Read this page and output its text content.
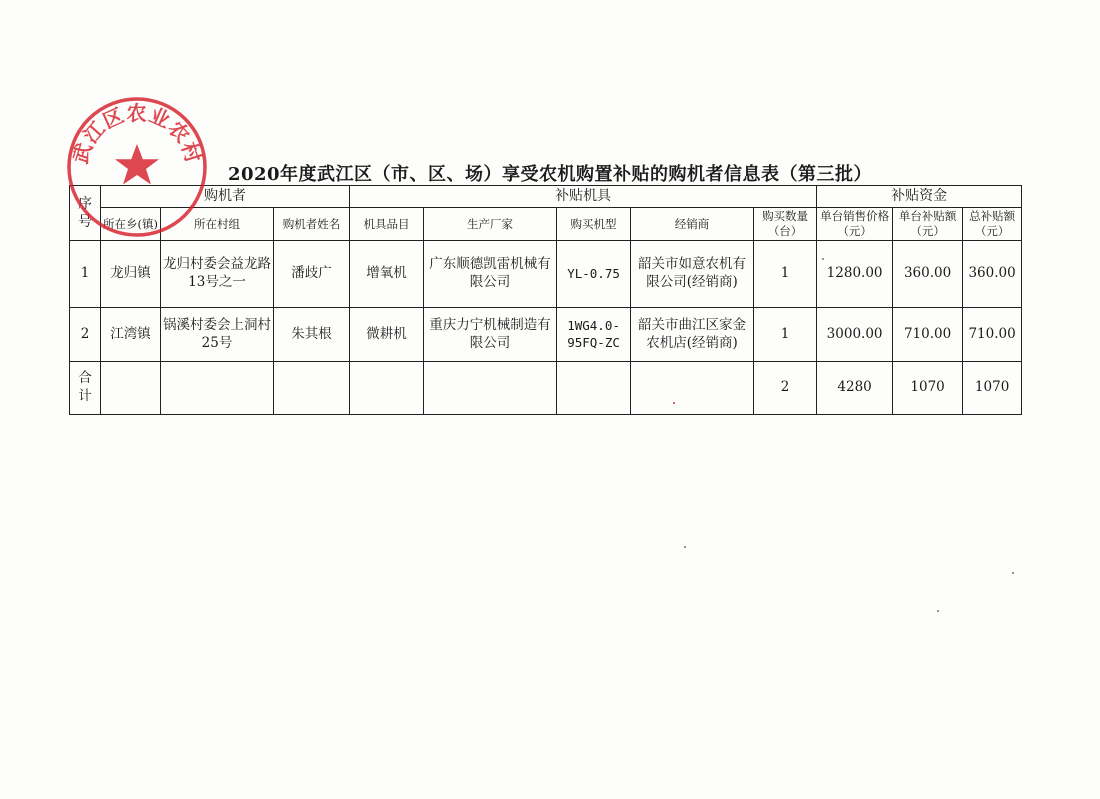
2020年度武江区（市、区、场）享受农机购置补贴的购机者信息表（第三批）
序号	购机者			补贴机具					补贴资金		
	所在乡(镇)	所在村组	购机者姓名	机具品目	生产厂家	购买机型	经销商	购买数量（台）	单台销售价格（元）	单台补贴额（元）	总补贴额（元）
1	龙归镇	龙归村委会益龙路13号之一	潘歧广	增氧机	广东顺德凯雷机械有限公司	YL-0.75	韶关市如意农机有限公司(经销商)	1	1280.00	360.00	360.00
2	江湾镇	锅溪村委会上洞村25号	朱其根	微耕机	重庆力宁机械制造有限公司	1WG4.0-95FQ-ZC	韶关市曲江区家金农机店(经销商)	1	3000.00	710.00	710.00
合计								2	4280	1070	1070
武江区农业农村
